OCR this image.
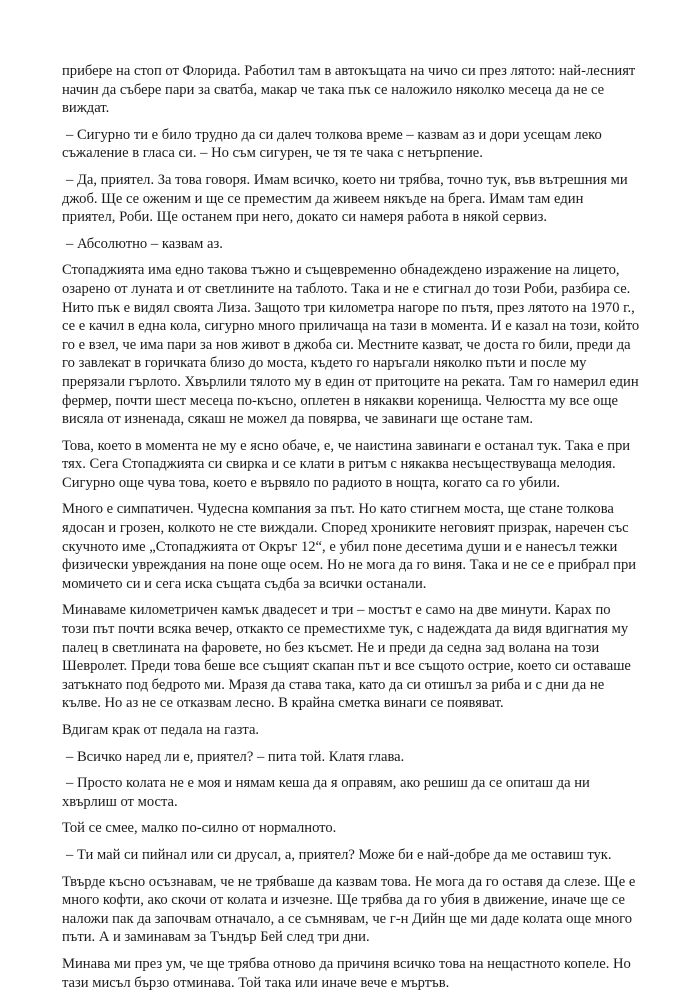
прибере на стоп от Флорида. Работил там в автокъщата на чичо си през лятото: най-лесният начин да събере пари за сватба, макар че така пък се наложило няколко месеца да не се виждат.

– Сигурно ти е било трудно да си далеч толкова време – казвам аз и дори усещам леко съжаление в гласа си. – Но съм сигурен, че тя те чака с нетърпение.

– Да, приятел. За това говоря. Имам всичко, което ни трябва, точно тук, във вътрешния ми джоб. Ще се оженим и ще се преместим да живеем някъде на брега. Имам там един приятел, Роби. Ще останем при него, докато си намеря работа в някой сервиз.

– Абсолютно – казвам аз.

Стопаджията има едно такова тъжно и същевременно обнадеждено изражение на лицето, озарено от луната и от светлините на таблото. Така и не е стигнал до този Роби, разбира се. Нито пък е видял своята Лиза. Защото три километра нагоре по пътя, през лятото на 1970 г., се е качил в една кола, сигурно много приличаща на тази в момента. И е казал на този, който го е взел, че има пари за нов живот в джоба си. Местните казват, че доста го били, преди да го завлекат в горичката близо до моста, където го наръгали няколко пъти и после му прерязали гърлото. Хвърлили тялото му в един от притоците на реката. Там го намерил един фермер, почти шест месеца по-късно, оплетен в някакви коренища. Челюстта му все още висяла от изненада, сякаш не можел да повярва, че завинаги ще остане там.

Това, което в момента не му е ясно обаче, е, че наистина завинаги е останал тук. Така е при тях. Сега Стопаджията си свирка и се клати в ритъм с някаква несъществуваща мелодия. Сигурно още чува това, което е вървяло по радиото в нощта, когато са го убили.

Много е симпатичен. Чудесна компания за път. Но като стигнем моста, ще стане толкова ядосан и грозен, колкото не сте виждали. Според хрониките неговият призрак, наречен със скучното име „Стопаджията от Окръг 12“, е убил поне десетима души и е нанесъл тежки физически увреждания на поне още осем. Но не мога да го виня. Така и не се е прибрал при момичето си и сега иска същата съдба за всички останали.

Минаваме километричен камък двадесет и три – мостът е само на две минути. Карах по този път почти всяка вечер, откакто се преместихме тук, с надеждата да видя вдигнатия му палец в светлината на фаровете, но без късмет. Не и преди да седна зад волана на този Шевролет. Преди това беше все същият скапан път и все същото острие, което си оставаше затъкнато под бедрото ми. Мразя да става така, като да си отишъл за риба и с дни да не кълве. Но аз не се отказвам лесно. В крайна сметка винаги се появяват.

Вдигам крак от педала на газта.

– Всичко наред ли е, приятел? – пита той. Клатя глава.

– Просто колата не е моя и нямам кеша да я оправям, ако решиш да се опиташ да ни хвърлиш от моста.

Той се смее, малко по-силно от нормалното.

– Ти май си пийнал или си друсал, а, приятел? Може би е най-добре да ме оставиш тук.

Твърде късно осъзнавам, че не трябваше да казвам това. Не мога да го оставя да слезе. Ще е много кофти, ако скочи от колата и изчезне. Ще трябва да го убия в движение, иначе ще се наложи пак да започвам отначало, а се съмнявам, че г-н Дийн ще ми даде колата още много пъти. А и заминавам за Тъндър Бей след три дни.

Минава ми през ум, че ще трябва отново да причиня всичко това на нещастното копеле. Но тази мисъл бързо отминава. Той така или иначе вече е мъртъв.
